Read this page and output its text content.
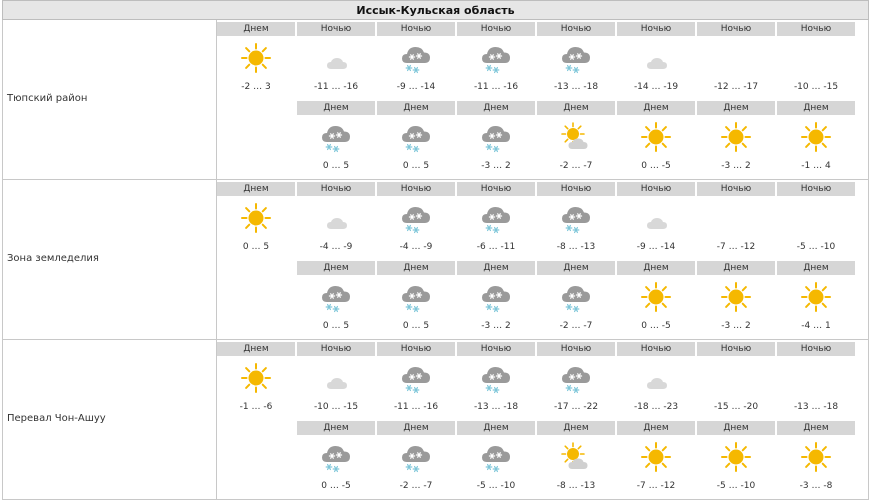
Иссык-Кульская область
Тюпский район
Днем
-2 … 3
Ночью
-11 … -16
Ночью
-9 … -14
Ночью
-11 … -16
Ночью
-13 … -18
Ночью
-14 … -19
Ночью
-12 … -17
Ночью
-10 … -15
Днем
0 … 5
Днем
0 … 5
Днем
-3 … 2
Днем
-2 … -7
Днем
0 … -5
Днем
-3 … 2
Днем
-1 … 4
Зона земледелия
Днем
0 … 5
Ночью
-4 … -9
Ночью
-4 … -9
Ночью
-6 … -11
Ночью
-8 … -13
Ночью
-9 … -14
Ночью
-7 … -12
Ночью
-5 … -10
Днем
0 … 5
Днем
0 … 5
Днем
-3 … 2
Днем
-2 … -7
Днем
0 … -5
Днем
-3 … 2
Днем
-4 … 1
Перевал Чон-Ашуу
Днем
-1 … -6
Ночью
-10 … -15
Ночью
-11 … -16
Ночью
-13 … -18
Ночью
-17 … -22
Ночью
-18 … -23
Ночью
-15 … -20
Ночью
-13 … -18
Днем
0 … -5
Днем
-2 … -7
Днем
-5 … -10
Днем
-8 … -13
Днем
-7 … -12
Днем
-5 … -10
Днем
-3 … -8
